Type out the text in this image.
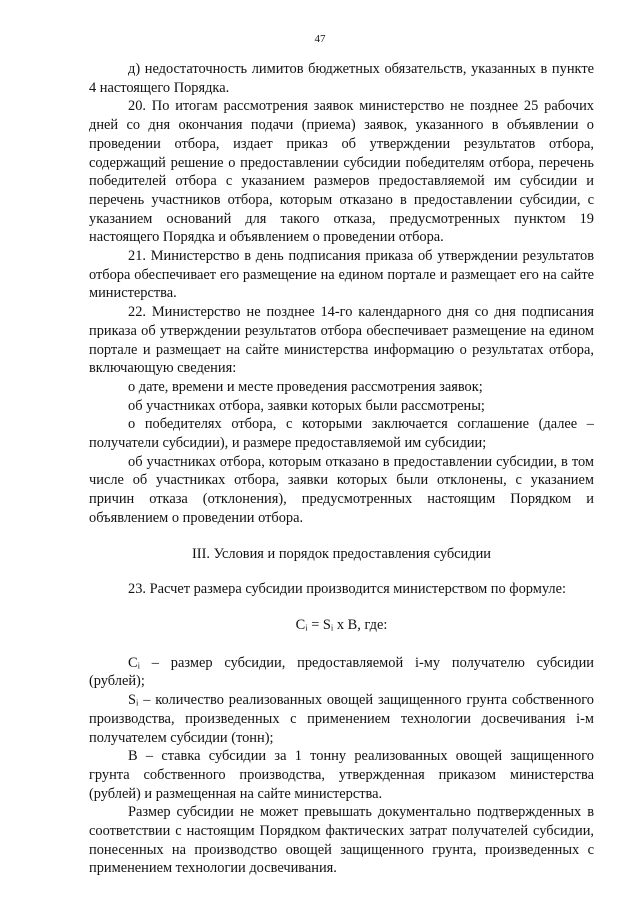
47

д) недостаточность лимитов бюджетных обязательств, указанных в пункте 4 настоящего Порядка.

20. По итогам рассмотрения заявок министерство не позднее 25 рабочих дней со дня окончания подачи (приема) заявок, указанного в объявлении о проведении отбора, издает приказ об утверждении результатов отбора, содержащий решение о предоставлении субсидии победителям отбора, перечень победителей отбора с указанием размеров предоставляемой им субсидии и перечень участников отбора, которым отказано в предоставлении субсидии, с указанием оснований для такого отказа, предусмотренных пунктом 19 настоящего Порядка и объявлением о проведении отбора.

21. Министерство в день подписания приказа об утверждении результатов отбора обеспечивает его размещение на едином портале и размещает его на сайте министерства.

22. Министерство не позднее 14-го календарного дня со дня подписания приказа об утверждении результатов отбора обеспечивает размещение на едином портале и размещает на сайте министерства информацию о результатах отбора, включающую сведения:

о дате, времени и месте проведения рассмотрения заявок;

об участниках отбора, заявки которых были рассмотрены;

о победителях отбора, с которыми заключается соглашение (далее – получатели субсидии), и размере предоставляемой им субсидии;

об участниках отбора, которым отказано в предоставлении субсидии, в том числе об участниках отбора, заявки которых были отклонены, с указанием причин отказа (отклонения), предусмотренных настоящим Порядком и объявлением о проведении отбора.

III. Условия и порядок предоставления субсидии

23. Расчет размера субсидии производится министерством по формуле:

Cᵢ = Sᵢ x B, где:

Cᵢ – размер субсидии, предоставляемой i-му получателю субсидии (рублей);

Sᵢ – количество реализованных овощей защищенного грунта собственного производства, произведенных с применением технологии досвечивания i-м получателем субсидии (тонн);

B – ставка субсидии за 1 тонну реализованных овощей защищенного грунта собственного производства, утвержденная приказом министерства (рублей) и размещенная на сайте министерства.

Размер субсидии не может превышать документально подтвержденных в соответствии с настоящим Порядком фактических затрат получателей субсидии, понесенных на производство овощей защищенного грунта, произведенных с применением технологии досвечивания.
